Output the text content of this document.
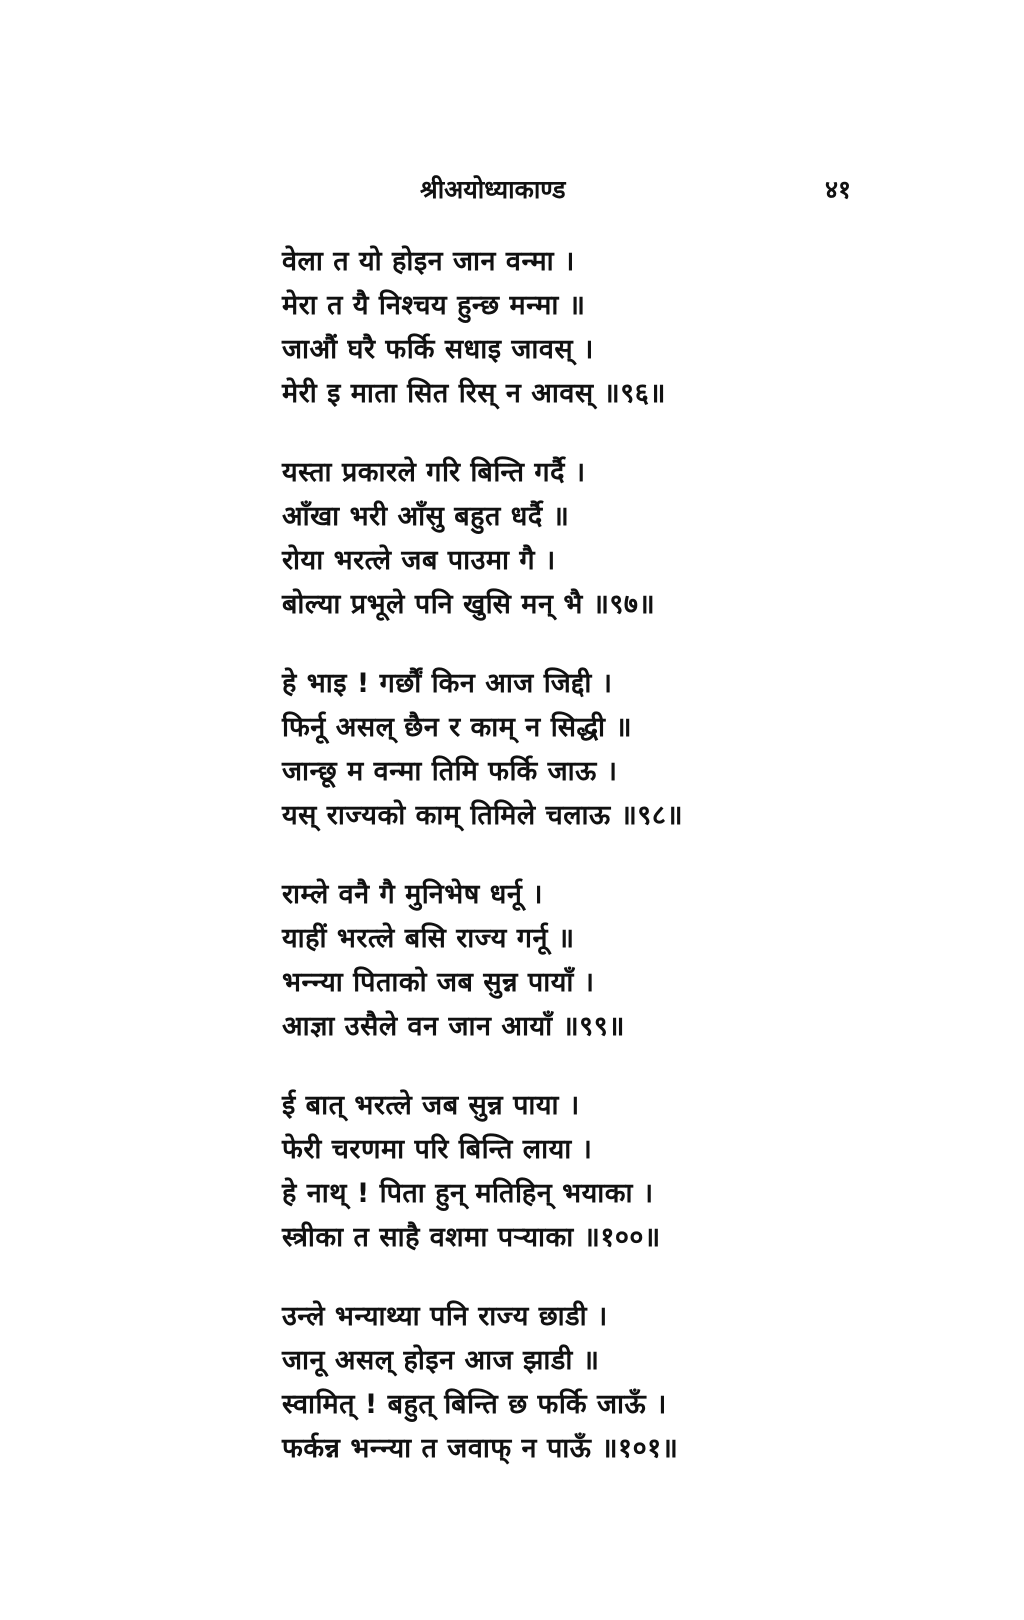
श्रीअयोध्याकाण्ड	४१
वेला त यो होइन जान वन्मा ।
मेरा त यै निश्चय हुन्छ मन्मा ॥
जाऔं घरै फर्कि सधाइ जावस् ।
मेरी इ माता सित रिस् न आवस् ॥९६॥
यस्ता प्रकारले गरि बिन्ति गर्दै ।
आँखा भरी आँसु बहुत धर्दै ॥
रोया भरत्ले जब पाउमा गै ।
बोल्या प्रभूले पनि खुसि मन् भै ॥९७॥
हे भाइ ! गर्छौं किन आज जिद्दी ।
फिर्नू असल् छैन र काम् न सिद्धी ॥
जान्छू म वन्मा तिमि फर्कि जाऊ ।
यस् राज्यको काम् तिमिले चलाऊ ॥९८॥
राम्ले वनै गै मुनिभेष धर्नू ।
याहीं भरत्ले बसि राज्य गर्नू ॥
भन्न्या पिताको जब सुन्न पायाँ ।
आज्ञा उसैले वन जान आयाँ ॥९९॥
ई बात् भरत्ले जब सुन्न पाया ।
फेरी चरणमा परि बिन्ति लाया ।
हे नाथ् ! पिता हुन् मतिहिन् भयाका ।
स्त्रीका त साहै वशमा पऱ्याका ॥१००॥
उन्ले भन्याथ्या पनि राज्य छाडी ।
जानू असल् होइन आज झाडी ॥
स्वामित् ! बहुत् बिन्ति छ फर्कि जाऊँ ।
फर्कन्न भन्न्या त जवाफ् न पाऊँ ॥१०१॥
